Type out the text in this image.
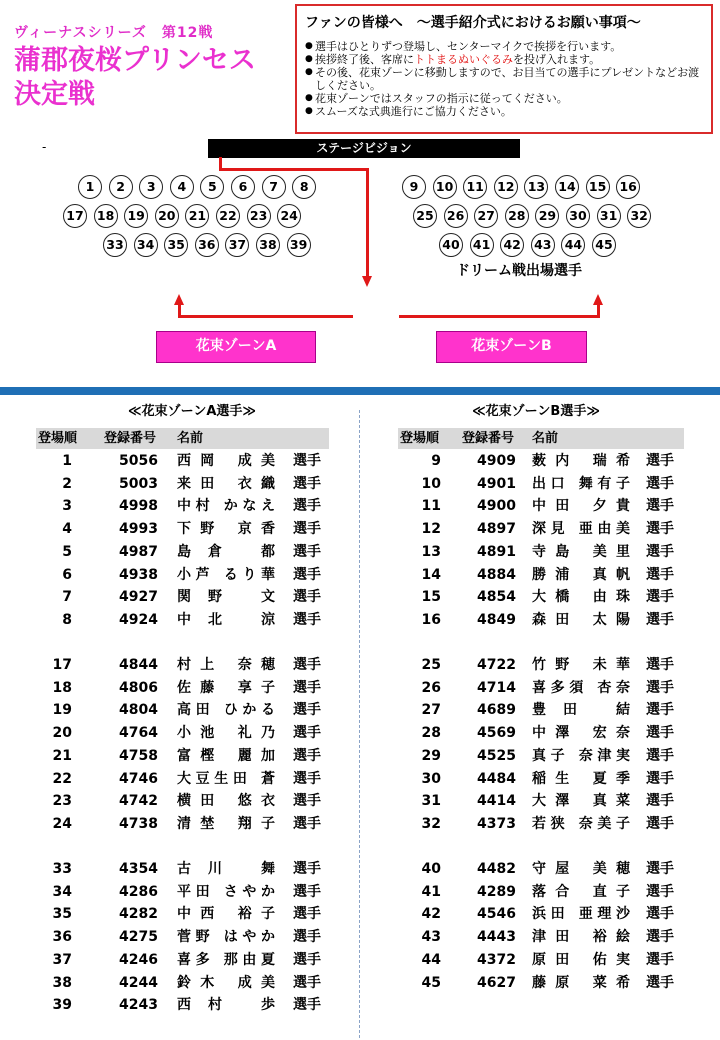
ヴィーナスシリーズ　第12戦
蒲郡夜桜プリンセス
決定戦
ファンの皆様へ　～選手紹介式におけるお願い事項～
● 選手はひとりずつ登場し、センターマイクで挨拶を行います。
● 挨拶終了後、客席にトトまるぬいぐるみを投げ入れます。
● その後、花束ゾーンに移動しますので、お目当ての選手にプレゼントなどお渡しください。
● 花束ゾーンではスタッフの指示に従ってください。
● スムーズな式典進行にご協力ください。
-	ステージビジョン
1	2	3	4	5	6	7	8
17 18 19 20 21 22 23 24
33 34 35 36 37 38 39
9	10 11 12 13 14 15 16
25 26 27 28 29 30 31 32
40 41 42 43 44 45
ドリーム戦出場選手
花束ゾーンA	花束ゾーンB
≪花束ゾーンA選手≫
登場順 登録番号 名前
1	5056 西岡 成美 選手
2	5003 来田 衣織 選手
3	4998 中村 かなえ 選手
4	4993 下野 京香 選手
5	4987 島倉 都 選手
6	4938 小芦 るり華 選手
7	4927 関野 文 選手
8	4924 中北 涼 選手
17	4844 村上 奈穂 選手
18	4806 佐藤 享子 選手
19	4804 高田 ひかる 選手
20	4764 小池 礼乃 選手
21	4758 富樫 麗加 選手
22	4746 大豆生田 蒼 選手
23	4742 横田 悠衣 選手
24	4738 清埜 翔子 選手
33	4354 古川 舞 選手
34	4286 平田 さやか 選手
35	4282 中西 裕子 選手
36	4275 菅野 はやか 選手
37	4246 喜多 那由夏 選手
38	4244 鈴木 成美 選手
39	4243 西村 歩 選手
≪花束ゾーンB選手≫
登場順 登録番号 名前
9	4909 薮内 瑞希 選手
10	4901 出口 舞有子 選手
11	4900 中田 夕貴 選手
12	4897 深見 亜由美 選手
13	4891 寺島 美里 選手
14	4884 勝浦 真帆 選手
15	4854 大橋 由珠 選手
16	4849 森田 太陽 選手
25	4722 竹野 未華 選手
26	4714 喜多須 杏奈 選手
27	4689 豊田 結 選手
28	4569 中澤 宏奈 選手
29	4525 真子 奈津実 選手
30	4484 稲生 夏季 選手
31	4414 大澤 真菜 選手
32	4373 若狭 奈美子 選手
40	4482 守屋 美穂 選手
41	4289 落合 直子 選手
42	4546 浜田 亜理沙 選手
43	4443 津田 裕絵 選手
44	4372 原田 佑実 選手
45	4627 藤原 菜希 選手
